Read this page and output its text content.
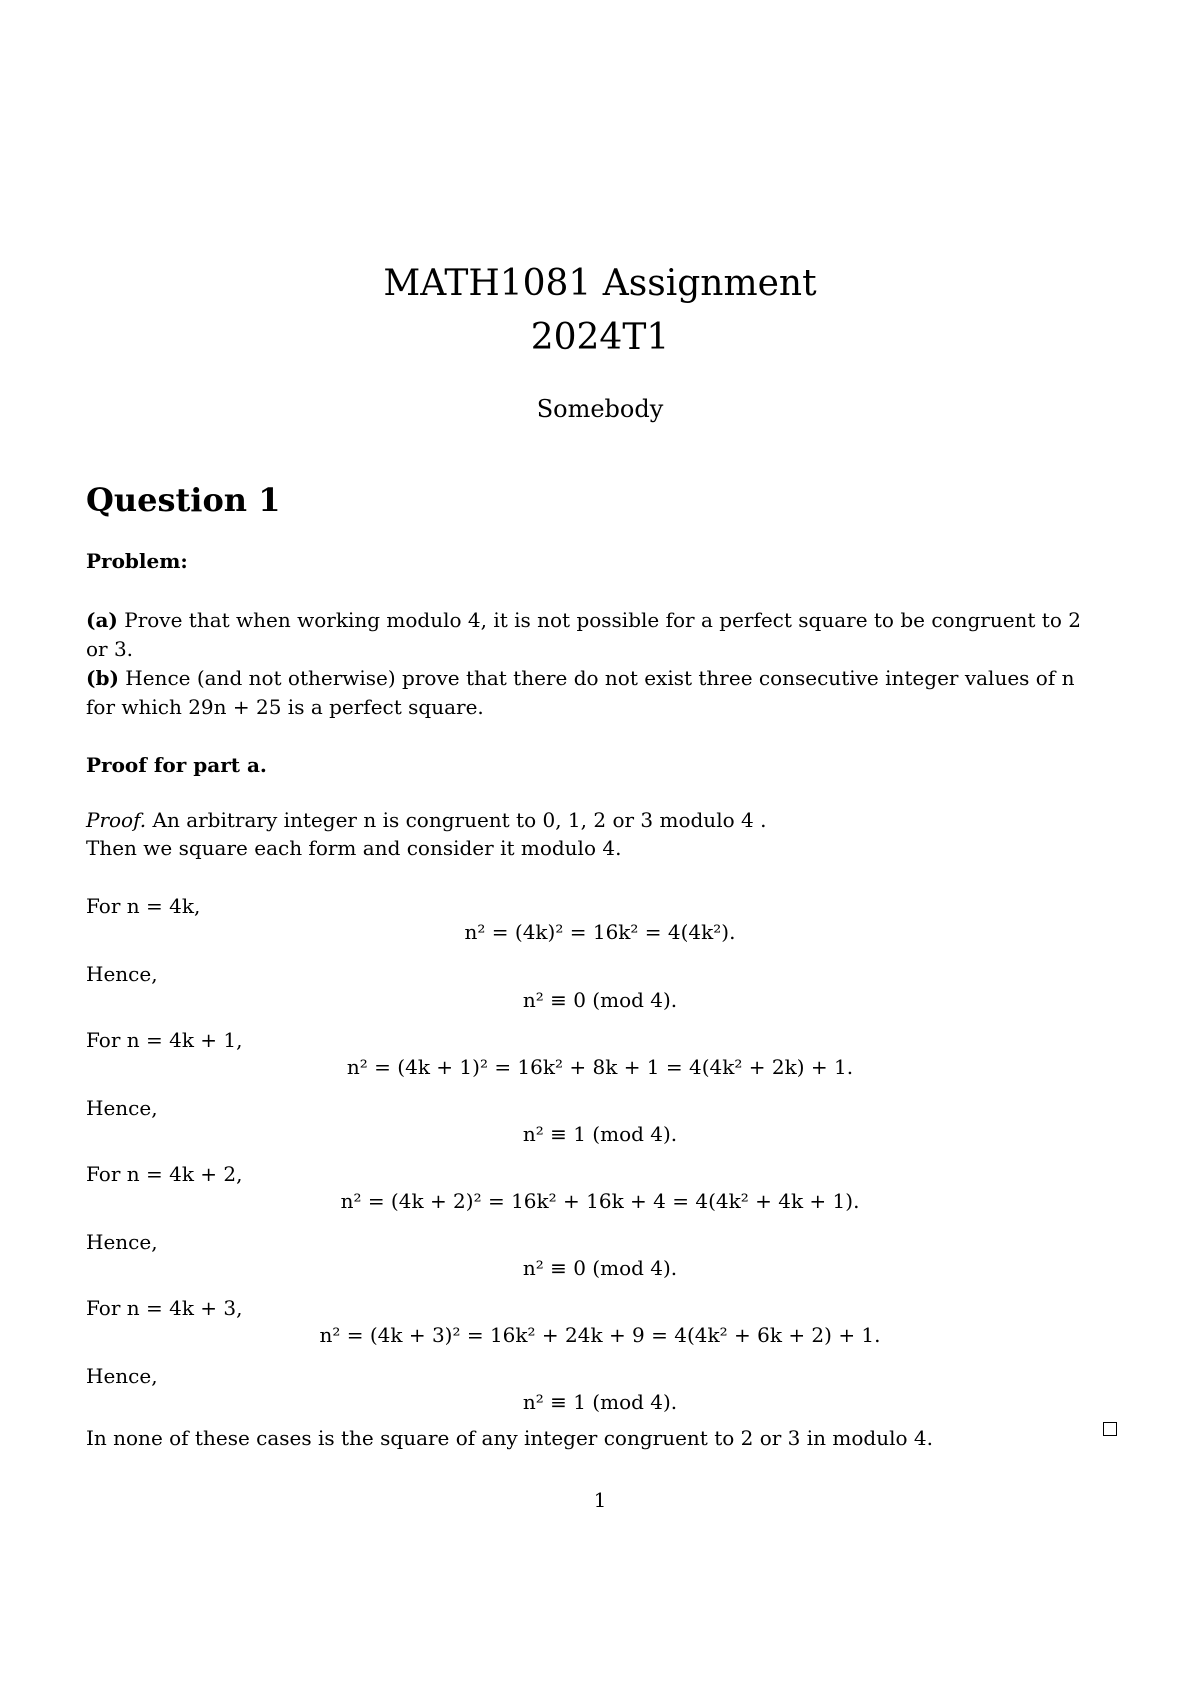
MATH1081 Assignment
2024T1
Somebody
Question 1
Problem:
(a) Prove that when working modulo 4, it is not possible for a perfect square to be congruent to 2
or 3.
(b) Hence (and not otherwise) prove that there do not exist three consecutive integer values of n
for which 29n + 25 is a perfect square.
Proof for part a.
Proof. An arbitrary integer n is congruent to 0, 1, 2 or 3 modulo 4 .
Then we square each form and consider it modulo 4.
For n = 4k,
n² = (4k)² = 16k² = 4(4k²).
Hence,
n² ≡ 0 (mod 4).
For n = 4k + 1,
n² = (4k + 1)² = 16k² + 8k + 1 = 4(4k² + 2k) + 1.
Hence,
n² ≡ 1 (mod 4).
For n = 4k + 2,
n² = (4k + 2)² = 16k² + 16k + 4 = 4(4k² + 4k + 1).
Hence,
n² ≡ 0 (mod 4).
For n = 4k + 3,
n² = (4k + 3)² = 16k² + 24k + 9 = 4(4k² + 6k + 2) + 1.
Hence,
n² ≡ 1 (mod 4).
In none of these cases is the square of any integer congruent to 2 or 3 in modulo 4.
1
